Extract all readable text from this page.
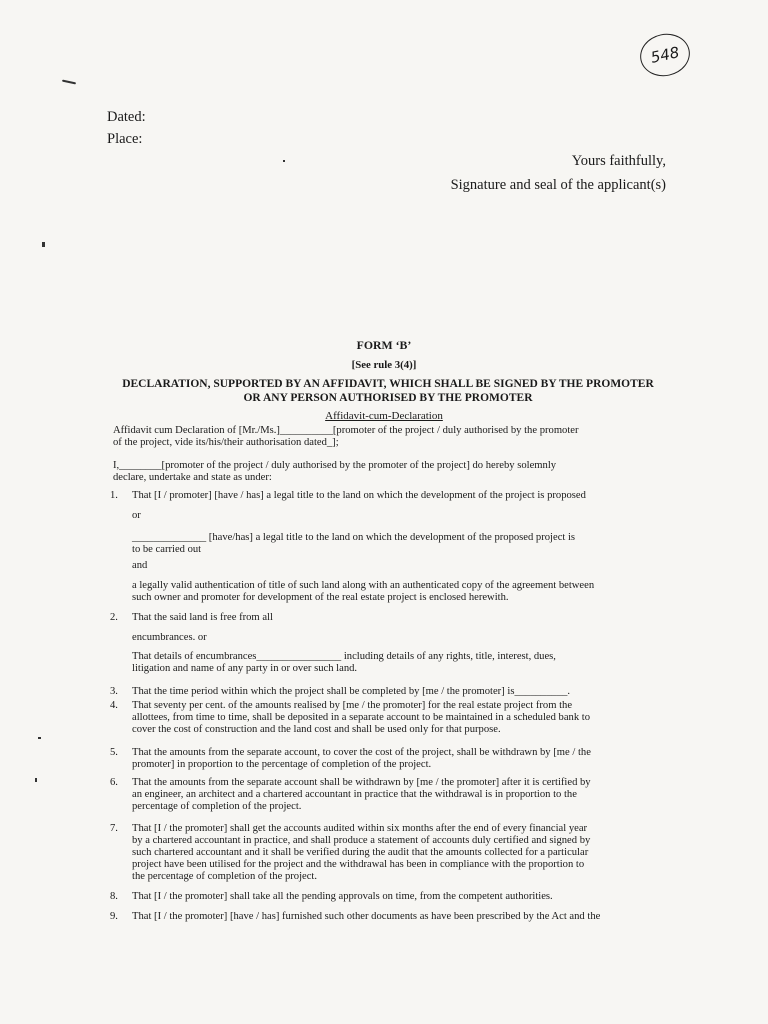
548
Dated:
Place:
Yours faithfully,
Signature and seal of the applicant(s)
FORM ‘B’
[See rule 3(4)]
DECLARATION, SUPPORTED BY AN AFFIDAVIT, WHICH SHALL BE SIGNED BY THE PROMOTER
OR ANY PERSON AUTHORISED BY THE PROMOTER
Affidavit-cum-Declaration
Affidavit cum Declaration of [Mr./Ms.]__________[promoter of the project / duly authorised by the promoter
of the project, vide its/his/their authorisation dated_];
I,________[promoter of the project / duly authorised by the promoter of the project] do hereby solemnly
declare, undertake and state as under:
1. That [I / promoter] [have / has] a legal title to the land on which the development of the project is proposed
or
______________ [have/has] a legal title to the land on which the development of the proposed project is
to be carried out
and
a legally valid authentication of title of such land along with an authenticated copy of the agreement between
such owner and promoter for development of the real estate project is enclosed herewith.
2. That the said land is free from all
encumbrances. or
That details of encumbrances________________ including details of any rights, title, interest, dues,
litigation and name of any party in or over such land.
3. That the time period within which the project shall be completed by [me / the promoter] is__________.
4. That seventy per cent. of the amounts realised by [me / the promoter] for the real estate project from the
allottees, from time to time, shall be deposited in a separate account to be maintained in a scheduled bank to
cover the cost of construction and the land cost and shall be used only for that purpose.
5. That the amounts from the separate account, to cover the cost of the project, shall be withdrawn by [me / the
promoter] in proportion to the percentage of completion of the project.
6. That the amounts from the separate account shall be withdrawn by [me / the promoter] after it is certified by
an engineer, an architect and a chartered accountant in practice that the withdrawal is in proportion to the
percentage of completion of the project.
7. That [I / the promoter] shall get the accounts audited within six months after the end of every financial year
by a chartered accountant in practice, and shall produce a statement of accounts duly certified and signed by
such chartered accountant and it shall be verified during the audit that the amounts collected for a particular
project have been utilised for the project and the withdrawal has been in compliance with the proportion to
the percentage of completion of the project.
8. That [I / the promoter] shall take all the pending approvals on time, from the competent authorities.
9. That [I / the promoter] [have / has] furnished such other documents as have been prescribed by the Act and the
